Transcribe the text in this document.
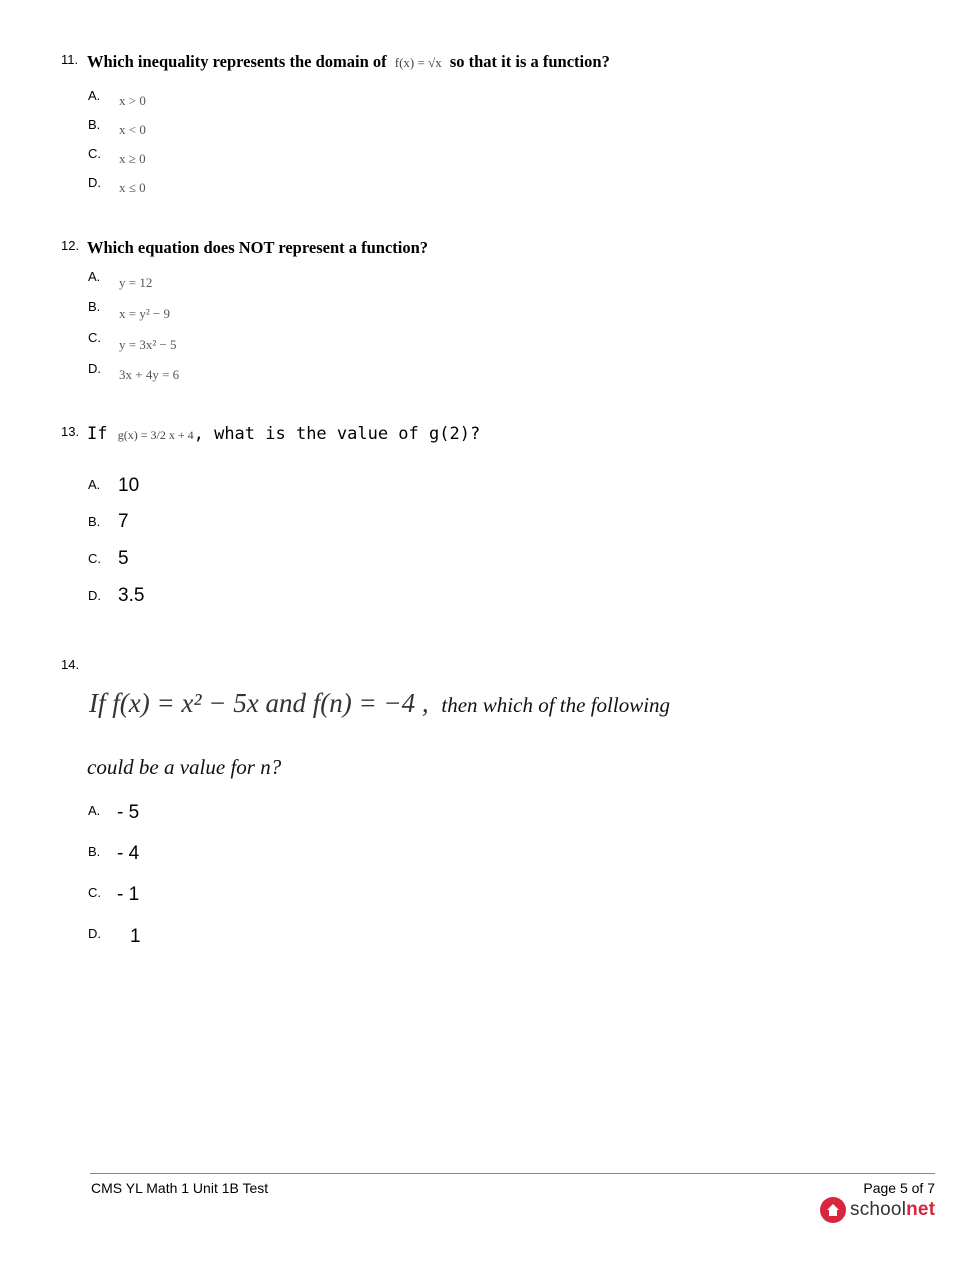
11. Which inequality represents the domain of f(x) = √x so that it is a function?
A. x > 0
B. x < 0
C. x ≥ 0
D. x ≤ 0
12. Which equation does NOT represent a function?
A. y = 12
B. x = y² − 9
C. y = 3x² − 5
D. 3x + 4y = 6
13. If g(x) = 3/2 x + 4, what is the value of g(2)?
A. 10
B. 7
C. 5
D. 3.5
14.
If f(x) = x² − 5x and f(n) = −4 , then which of the following
could be a value for n?
A. - 5
B. - 4
C. - 1
D. 1
CMS YL Math 1 Unit 1B Test	Page 5 of 7
schoolnet
